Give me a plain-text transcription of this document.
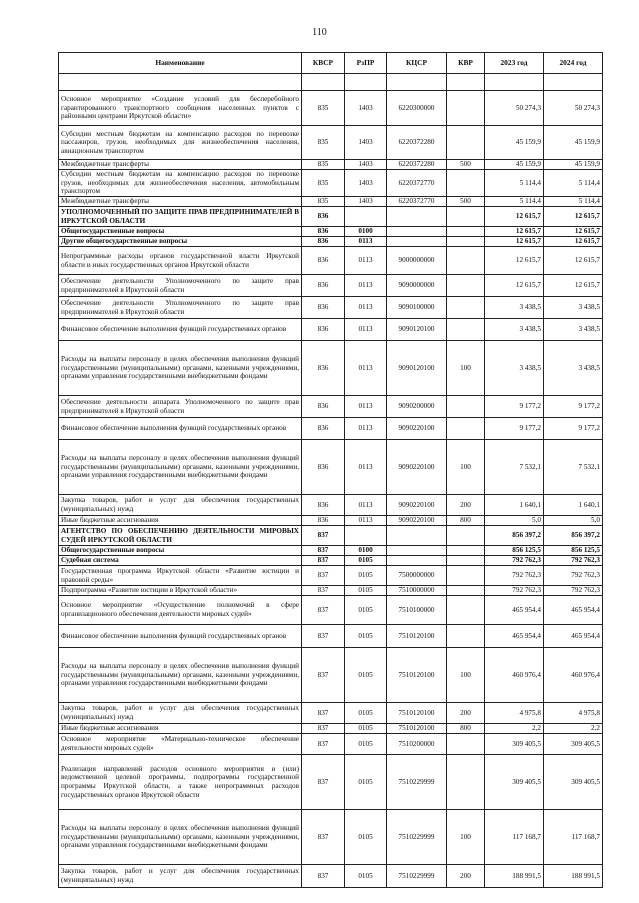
110
Наименование	КВСР	РзПР	КЦСР	КВР	2023 год	2024 год

Основное мероприятие «Создание условий для бесперебойного гарантированного транспортного сообщения населенных пунктов с районными центрами Иркутской области»	835	1403	6220300000		50 274,3	50 274,3
Субсидии местным бюджетам на компенсацию расходов по перевозке пассажиров, грузов, необходимых для жизнеобеспечения населения, авиационным транспортом	835	1403	6220372280		45 159,9	45 159,9
Межбюджетные трансферты	835	1403	6220372280	500	45 159,9	45 159,9
Субсидии местным бюджетам на компенсацию расходов по перевозке грузов, необходимых для жизнеобеспечения населения, автомобильным транспортом	835	1403	6220372770		5 114,4	5 114,4
Межбюджетные трансферты	835	1403	6220372770	500	5 114,4	5 114,4
УПОЛНОМОЧЕННЫЙ ПО ЗАЩИТЕ ПРАВ ПРЕДПРИНИМАТЕЛЕЙ В ИРКУТСКОЙ ОБЛАСТИ	836				12 615,7	12 615,7
Общегосударственные вопросы	836	0100			12 615,7	12 615,7
Другие общегосударственные вопросы	836	0113			12 615,7	12 615,7
Непрограммные расходы органов государственной власти Иркутской области и иных государственных органов Иркутской области	836	0113	9000000000		12 615,7	12 615,7
Обеспечение деятельности Уполномоченного по защите прав предпринимателей в Иркутской области	836	0113	9090000000		12 615,7	12 615,7
Обеспечение деятельности Уполномоченного по защите прав предпринимателей в Иркутской области	836	0113	9090100000		3 438,5	3 438,5
Финансовое обеспечение выполнения функций государственных органов	836	0113	9090120100		3 438,5	3 438,5
Расходы на выплаты персоналу в целях обеспечения выполнения функций государственными (муниципальными) органами, казенными учреждениями, органами управления государственными внебюджетными фондами	836	0113	9090120100	100	3 438,5	3 438,5
Обеспечение деятельности аппарата Уполномоченного по защите прав предпринимателей в Иркутской области	836	0113	9090200000		9 177,2	9 177,2
Финансовое обеспечение выполнения функций государственных органов	836	0113	9090220100		9 177,2	9 177,2
Расходы на выплаты персоналу в целях обеспечения выполнения функций государственными (муниципальными) органами, казенными учреждениями, органами управления государственными внебюджетными фондами	836	0113	9090220100	100	7 532,1	7 532,1
Закупка товаров, работ и услуг для обеспечения государственных (муниципальных) нужд	836	0113	9090220100	200	1 640,1	1 640,1
Иные бюджетные ассигнования	836	0113	9090220100	800	5,0	5,0
АГЕНТСТВО ПО ОБЕСПЕЧЕНИЮ ДЕЯТЕЛЬНОСТИ МИРОВЫХ СУДЕЙ ИРКУТСКОЙ ОБЛАСТИ	837				856 397,2	856 397,2
Общегосударственные вопросы	837	0100			856 125,5	856 125,5
Судебная система	837	0105			792 762,3	792 762,3
Государственная программа Иркутской области «Развитие юстиции и правовой среды»	837	0105	7500000000		792 762,3	792 762,3
Подпрограмма «Развитие юстиции в Иркутской области»	837	0105	7510000000		792 762,3	792 762,3
Основное мероприятие «Осуществление полномочий в сфере организационного обеспечения деятельности мировых судей»	837	0105	7510100000		465 954,4	465 954,4
Финансовое обеспечение выполнения функций государственных органов	837	0105	7510120100		465 954,4	465 954,4
Расходы на выплаты персоналу в целях обеспечения выполнения функций государственными (муниципальными) органами, казенными учреждениями, органами управления государственными внебюджетными фондами	837	0105	7510120100	100	460 976,4	460 976,4
Закупка товаров, работ и услуг для обеспечения государственных (муниципальных) нужд	837	0105	7510120100	200	4 975,8	4 975,8
Иные бюджетные ассигнования	837	0105	7510120100	800	2,2	2,2
Основное мероприятие «Материально-техническое обеспечение деятельности мировых судей»	837	0105	7510200000		309 405,5	309 405,5
Реализация направлений расходов основного мероприятия и (или) ведомственной целевой программы, подпрограммы государственной программы Иркутской области, а также непрограммных расходов государственных органов Иркутской области	837	0105	7510229999		309 405,5	309 405,5
Расходы на выплаты персоналу в целях обеспечения выполнения функций государственными (муниципальными) органами, казенными учреждениями, органами управления государственными внебюджетными фондами	837	0105	7510229999	100	117 168,7	117 168,7
Закупка товаров, работ и услуг для обеспечения государственных (муниципальных) нужд	837	0105	7510229999	200	188 991,5	188 991,5
